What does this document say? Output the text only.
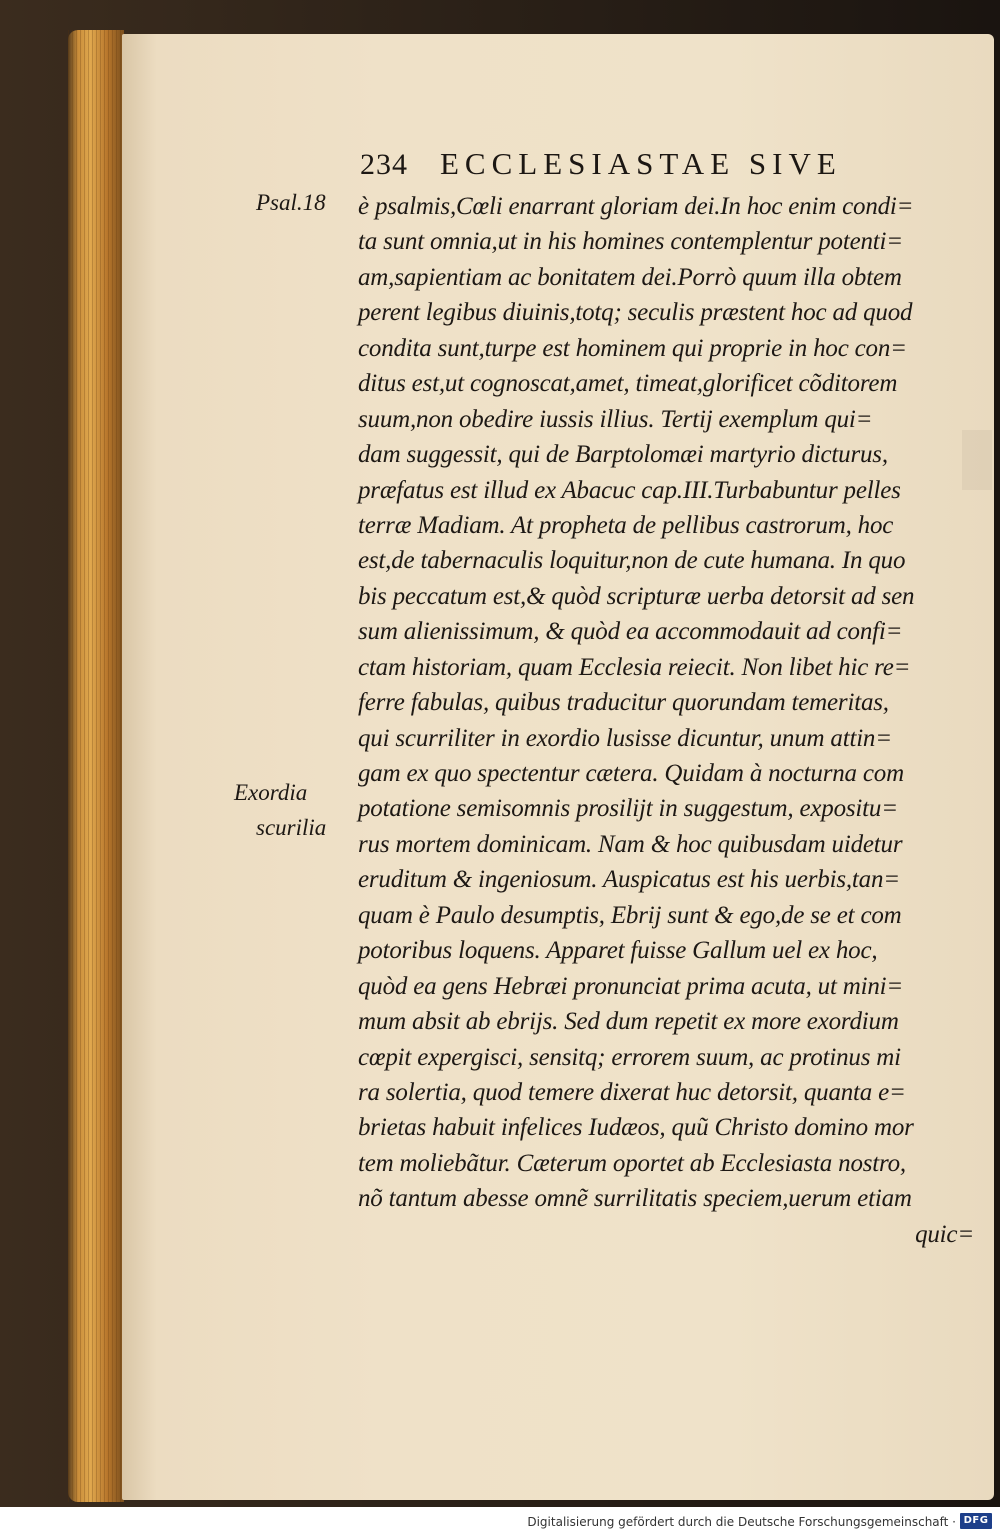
234 ECCLESIASTAE SIVE
Psal.18
Exordia
scurilia
è psalmis,Cœli enarrant gloriam dei.In hoc enim condi=
ta sunt omnia,ut in his homines contemplentur potenti=
am,sapientiam ac bonitatem dei.Porrò quum illa obtem
perent legibus diuinis,totq; seculis præstent hoc ad quod
condita sunt,turpe est hominem qui proprie in hoc con=
ditus est,ut cognoscat,amet, timeat,glorificet cõditorem
suum,non obedire iussis illius. Tertij exemplum qui=
dam suggessit, qui de Barptolomæi martyrio dicturus,
præfatus est illud ex Abacuc cap.III.Turbabuntur pelles
terræ Madiam. At propheta de pellibus castrorum, hoc
est,de tabernaculis loquitur,non de cute humana. In quo
bis peccatum est,& quòd scripturæ uerba detorsit ad sen
sum alienissimum, & quòd ea accommodauit ad confi=
ctam historiam, quam Ecclesia reiecit. Non libet hic re=
ferre fabulas, quibus traducitur quorundam temeritas,
qui scurriliter in exordio lusisse dicuntur, unum attin=
gam ex quo spectentur cætera. Quidam à nocturna com
potatione semisomnis prosilijt in suggestum, expositu=
rus mortem dominicam. Nam & hoc quibusdam uidetur
eruditum & ingeniosum. Auspicatus est his uerbis,tan=
quam è Paulo desumptis, Ebrij sunt & ego,de se et com
potoribus loquens. Apparet fuisse Gallum uel ex hoc,
quòd ea gens Hebræi pronunciat prima acuta, ut mini=
mum absit ab ebrijs. Sed dum repetit ex more exordium
cœpit expergisci, sensitq; errorem suum, ac protinus mi
ra solertia, quod temere dixerat huc detorsit, quanta e=
brietas habuit infelices Iudæos, quũ Christo domino mor
tem moliebãtur. Cæterum oportet ab Ecclesiasta nostro,
nõ tantum abesse omnẽ surrilitatis speciem,uerum etiam
quic=
Digitalisierung gefördert durch die Deutsche Forschungsgemeinschaft · DFG
